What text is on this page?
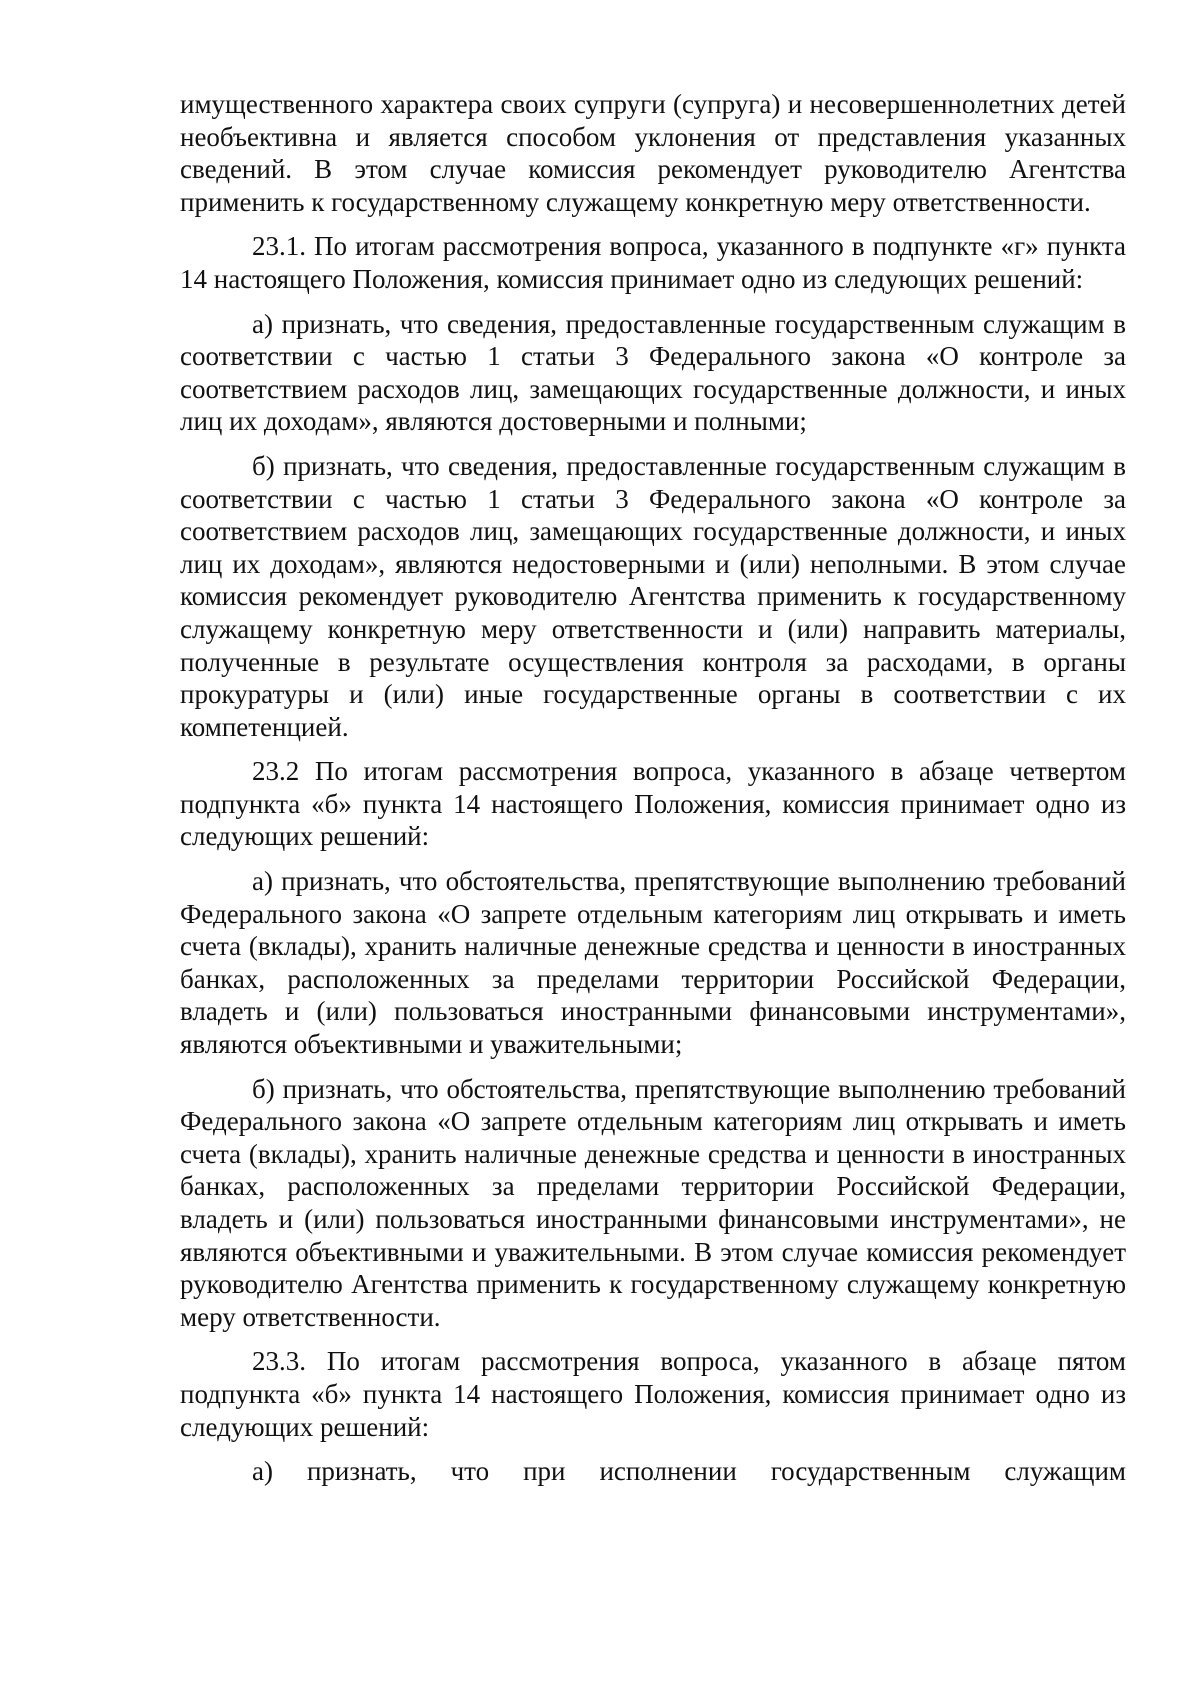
имущественного характера своих супруги (супруга) и несовершеннолетних детей необъективна и является способом уклонения от представления указанных сведений. В этом случае комиссия рекомендует руководителю Агентства применить к государственному служащему конкретную меру ответственности.

23.1. По итогам рассмотрения вопроса, указанного в подпункте «г» пункта 14 настоящего Положения, комиссия принимает одно из следующих решений:

а) признать, что сведения, предоставленные государственным служащим в соответствии с частью 1 статьи 3 Федерального закона «О контроле за соответствием расходов лиц, замещающих государственные должности, и иных лиц их доходам», являются достоверными и полными;

б) признать, что сведения, предоставленные государственным служащим в соответствии с частью 1 статьи 3 Федерального закона «О контроле за соответствием расходов лиц, замещающих государственные должности, и иных лиц их доходам», являются недостоверными и (или) неполными. В этом случае комиссия рекомендует руководителю Агентства применить к государственному служащему конкретную меру ответственности и (или) направить материалы, полученные в результате осуществления контроля за расходами, в органы прокуратуры и (или) иные государственные органы в соответствии с их компетенцией.

23.2 По итогам рассмотрения вопроса, указанного в абзаце четвертом подпункта «б» пункта 14 настоящего Положения, комиссия принимает одно из следующих решений:

а) признать, что обстоятельства, препятствующие выполнению требований Федерального закона «О запрете отдельным категориям лиц открывать и иметь счета (вклады), хранить наличные денежные средства и ценности в иностранных банках, расположенных за пределами территории Российской Федерации, владеть и (или) пользоваться иностранными финансовыми инструментами», являются объективными и уважительными;

б) признать, что обстоятельства, препятствующие выполнению требований Федерального закона «О запрете отдельным категориям лиц открывать и иметь счета (вклады), хранить наличные денежные средства и ценности в иностранных банках, расположенных за пределами территории Российской Федерации, владеть и (или) пользоваться иностранными финансовыми инструментами», не являются объективными и уважительными. В этом случае комиссия рекомендует руководителю Агентства применить к государственному служащему конкретную меру ответственности.

23.3. По итогам рассмотрения вопроса, указанного в абзаце пятом подпункта «б» пункта 14 настоящего Положения, комиссия принимает одно из следующих решений:

а) признать, что при исполнении государственным служащим
